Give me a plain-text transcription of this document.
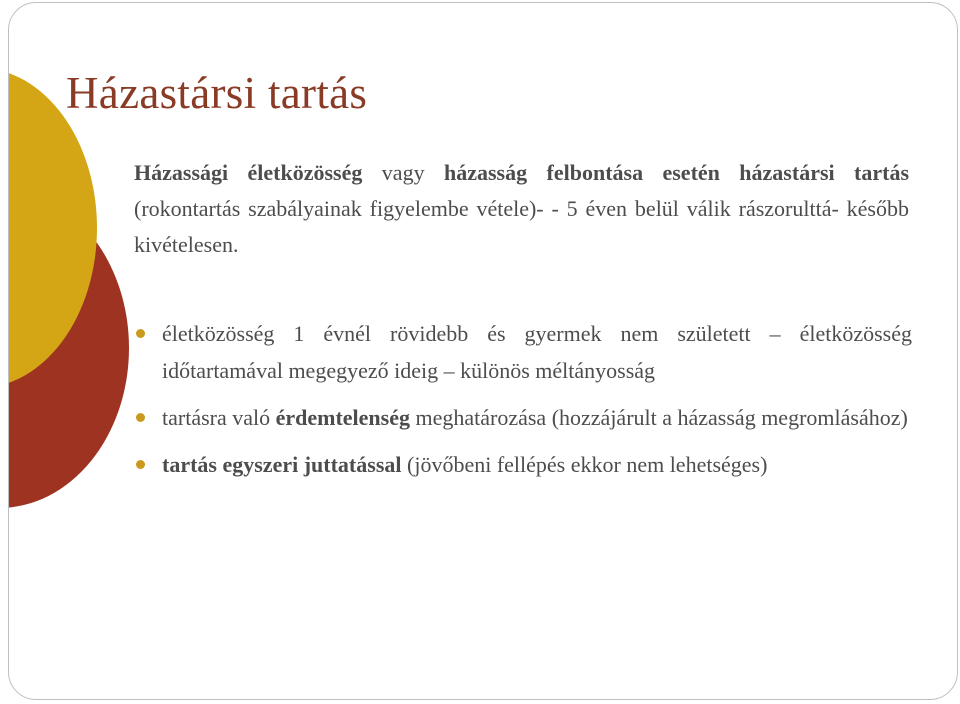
Házastársi tartás

Házassági életközösség vagy házasság felbontása esetén házastársi tartás (rokontartás szabályainak figyelembe vétele)- - 5 éven belül válik rászorulttá- később kivételesen.

életközösség 1 évnél rövidebb és gyermek nem született – életközösség időtartamával megegyező ideig – különös méltányosság
tartásra való érdemtelenség meghatározása (hozzájárult a házasság megromlásához)
tartás egyszeri juttatással (jövőbeni fellépés ekkor nem lehetséges)
